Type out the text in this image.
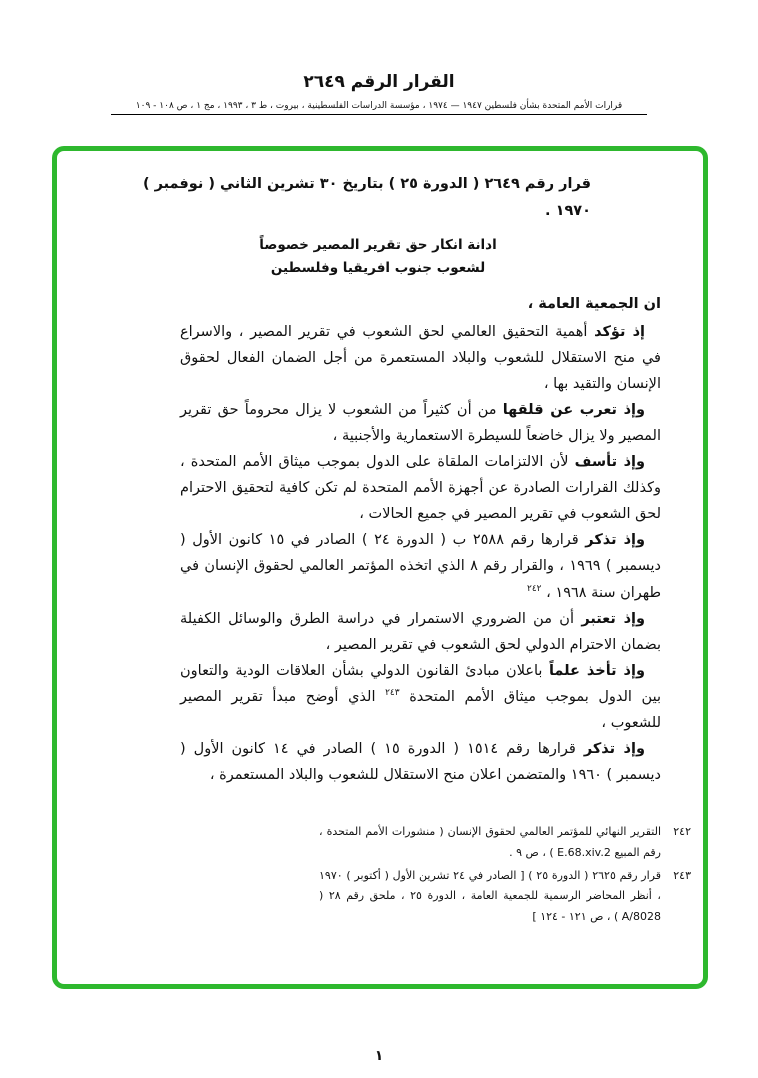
القرار الرقم ٢٦٤٩
قرارات الأمم المتحدة بشأن فلسطين ١٩٤٧ — ١٩٧٤ ، مؤسسة الدراسات الفلسطينية ، بيروت ، ط ٣ ، ١٩٩٣ ، مج ١ ، ص ١٠٨ - ١٠٩
قرار رقم ٢٦٤٩ ( الدورة ٢٥ ) بتاريخ ٣٠ تشرين الثاني ( نوفمبر )
١٩٧٠ .
ادانة انكار حق تقرير المصير خصوصاً
لشعوب جنوب افريقيا وفلسطين
ان الجمعية العامة ،

إذ تؤكد أهمية التحقيق العالمي لحق الشعوب في تقرير المصير ، والاسراع في منح الاستقلال للشعوب والبلاد المستعمرة من أجل الضمان الفعال لحقوق الإنسان والتقيد بها ،

وإذ تعرب عن قلقها من أن كثيراً من الشعوب لا يزال محروماً حق تقرير المصير ولا يزال خاضعاً للسيطرة الاستعمارية والأجنبية ،

وإذ تأسف لأن الالتزامات الملقاة على الدول بموجب ميثاق الأمم المتحدة ، وكذلك القرارات الصادرة عن أجهزة الأمم المتحدة لم تكن كافية لتحقيق الاحترام لحق الشعوب في تقرير المصير في جميع الحالات ،

وإذ تذكر قرارها رقم ٢٥٨٨ ب ( الدورة ٢٤ ) الصادر في ١٥ كانون الأول ( ديسمبر ) ١٩٦٩ ، والقرار رقم ٨ الذي اتخذه المؤتمر العالمي لحقوق الإنسان في طهران سنة ١٩٦٨ ، $^{٢٤٢}$

وإذ تعتبر أن من الضروري الاستمرار في دراسة الطرق والوسائل الكفيلة بضمان الاحترام الدولي لحق الشعوب في تقرير المصير ،

وإذ تأخذ علماً باعلان مبادئ القانون الدولي بشأن العلاقات الودية والتعاون بين الدول بموجب ميثاق الأمم المتحدة $^{٢٤٣}$ الذي أوضح مبدأ تقرير المصير للشعوب ،

وإذ تذكر قرارها رقم ١٥١٤ ( الدورة ١٥ ) الصادر في ١٤ كانون الأول ( ديسمبر ) ١٩٦٠ والمتضمن اعلان منح الاستقلال للشعوب والبلاد المستعمرة ،

٢٤٢
التقرير النهائي للمؤتمر العالمي لحقوق الإنسان ( منشورات الأمم المتحدة ، رقم المبيع E.68.xiv.2 ) ، ص ٩ .
٢٤٣
قرار رقم ٢٦٢٥ ( الدورة ٢٥ ) [ الصادر في ٢٤ تشرين الأول ( أكتوبر ) ١٩٧٠ ، أنظر المحاضر الرسمية للجمعية العامة ، الدورة ٢٥ ، ملحق رقم ٢٨ ( A/8028 ) ، ص ١٢١ - ١٢٤ ]
١
